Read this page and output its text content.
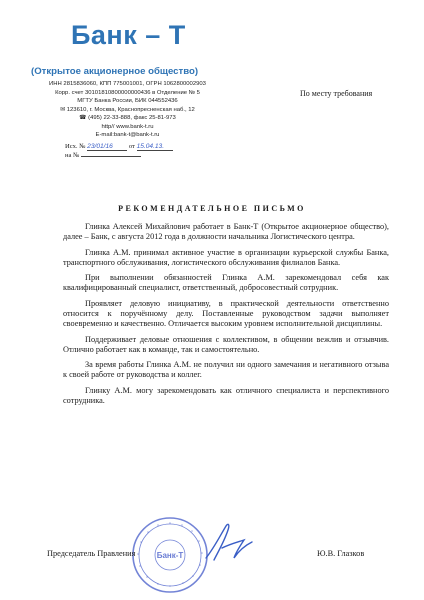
Банк – Т
(Открытое акционерное общество)
ИНН 2815836060, КПП 775001001, ОГРН 1062800002903
Корр. счет 30101810800000000436 в Отделение № 5
МГТУ Банка России, БИК 044552436
✉ 123610, г. Москва, Краснопресненская наб., 12
☎ (495) 22-33-888, факс 25-81-973
http// www.bank-t.ru
E-mail:bank-t@bank-t.ru
Исх. № 23/01/16 от 15.04.13.
на №
По месту требования
РЕКОМЕНДАТЕЛЬНОЕ ПИСЬМО

Глинка Алексей Михайлович работает в Банк-Т (Открытое акционерное общество), далее – Банк, с августа 2012 года в должности начальника Логистического центра.

Глинка А.М. принимал активное участие в организации курьерской службы Банка, транспортного обслуживания, логистического обслуживания филиалов Банка.

При выполнении обязанностей Глинка А.М. зарекомендовал себя как квалифицированный специалист, ответственный, добросовестный сотрудник.

Проявляет деловую инициативу, в практической деятельности ответственно относится к поручённому делу. Поставленные руководством задачи выполняет своевременно и качественно. Отличается высоким уровнем исполнительной дисциплины.

Поддерживает деловые отношения с коллективом, в общении вежлив и отзывчив. Отлично работает как в команде, так и самостоятельно.

За время работы Глинка А.М. не получил ни одного замечания и негативного отзыва к своей работе от руководства и коллег.

Глинку А.М. могу зарекомендовать как отличного специалиста и перспективного сотрудника.

Банк-Т
Председатель Правления	Ю.В. Глазков
